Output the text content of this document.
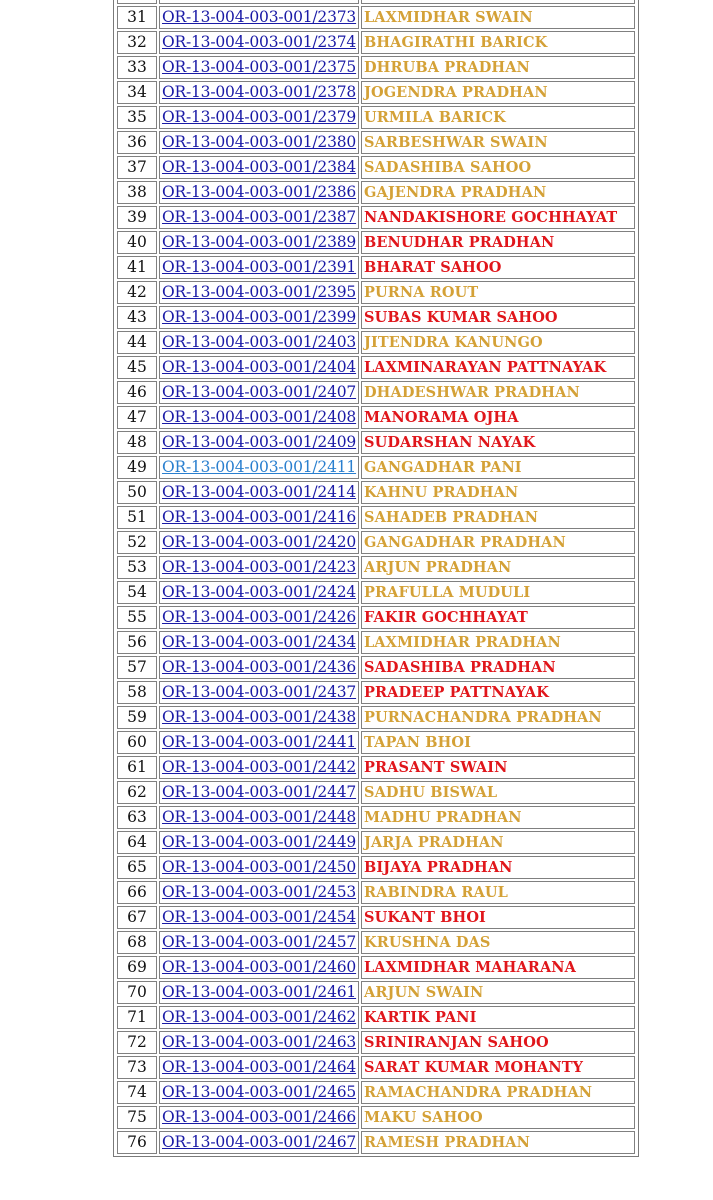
31	OR-13-004-003-001/2373	LAXMIDHAR SWAIN
32	OR-13-004-003-001/2374	BHAGIRATHI BARICK
33	OR-13-004-003-001/2375	DHRUBA PRADHAN
34	OR-13-004-003-001/2378	JOGENDRA PRADHAN
35	OR-13-004-003-001/2379	URMILA BARICK
36	OR-13-004-003-001/2380	SARBESHWAR SWAIN
37	OR-13-004-003-001/2384	SADASHIBA SAHOO
38	OR-13-004-003-001/2386	GAJENDRA PRADHAN
39	OR-13-004-003-001/2387	NANDAKISHORE GOCHHAYAT
40	OR-13-004-003-001/2389	BENUDHAR PRADHAN
41	OR-13-004-003-001/2391	BHARAT SAHOO
42	OR-13-004-003-001/2395	PURNA ROUT
43	OR-13-004-003-001/2399	SUBAS KUMAR SAHOO
44	OR-13-004-003-001/2403	JITENDRA KANUNGO
45	OR-13-004-003-001/2404	LAXMINARAYAN PATTNAYAK
46	OR-13-004-003-001/2407	DHADESHWAR PRADHAN
47	OR-13-004-003-001/2408	MANORAMA OJHA
48	OR-13-004-003-001/2409	SUDARSHAN NAYAK
49	OR-13-004-003-001/2411	GANGADHAR PANI
50	OR-13-004-003-001/2414	KAHNU PRADHAN
51	OR-13-004-003-001/2416	SAHADEB PRADHAN
52	OR-13-004-003-001/2420	GANGADHAR PRADHAN
53	OR-13-004-003-001/2423	ARJUN PRADHAN
54	OR-13-004-003-001/2424	PRAFULLA MUDULI
55	OR-13-004-003-001/2426	FAKIR GOCHHAYAT
56	OR-13-004-003-001/2434	LAXMIDHAR PRADHAN
57	OR-13-004-003-001/2436	SADASHIBA PRADHAN
58	OR-13-004-003-001/2437	PRADEEP PATTNAYAK
59	OR-13-004-003-001/2438	PURNACHANDRA PRADHAN
60	OR-13-004-003-001/2441	TAPAN BHOI
61	OR-13-004-003-001/2442	PRASANT SWAIN
62	OR-13-004-003-001/2447	SADHU BISWAL
63	OR-13-004-003-001/2448	MADHU PRADHAN
64	OR-13-004-003-001/2449	JARJA PRADHAN
65	OR-13-004-003-001/2450	BIJAYA PRADHAN
66	OR-13-004-003-001/2453	RABINDRA RAUL
67	OR-13-004-003-001/2454	SUKANT BHOI
68	OR-13-004-003-001/2457	KRUSHNA DAS
69	OR-13-004-003-001/2460	LAXMIDHAR MAHARANA
70	OR-13-004-003-001/2461	ARJUN SWAIN
71	OR-13-004-003-001/2462	KARTIK PANI
72	OR-13-004-003-001/2463	SRINIRANJAN SAHOO
73	OR-13-004-003-001/2464	SARAT KUMAR MOHANTY
74	OR-13-004-003-001/2465	RAMACHANDRA PRADHAN
75	OR-13-004-003-001/2466	MAKU SAHOO
76	OR-13-004-003-001/2467	RAMESH PRADHAN
